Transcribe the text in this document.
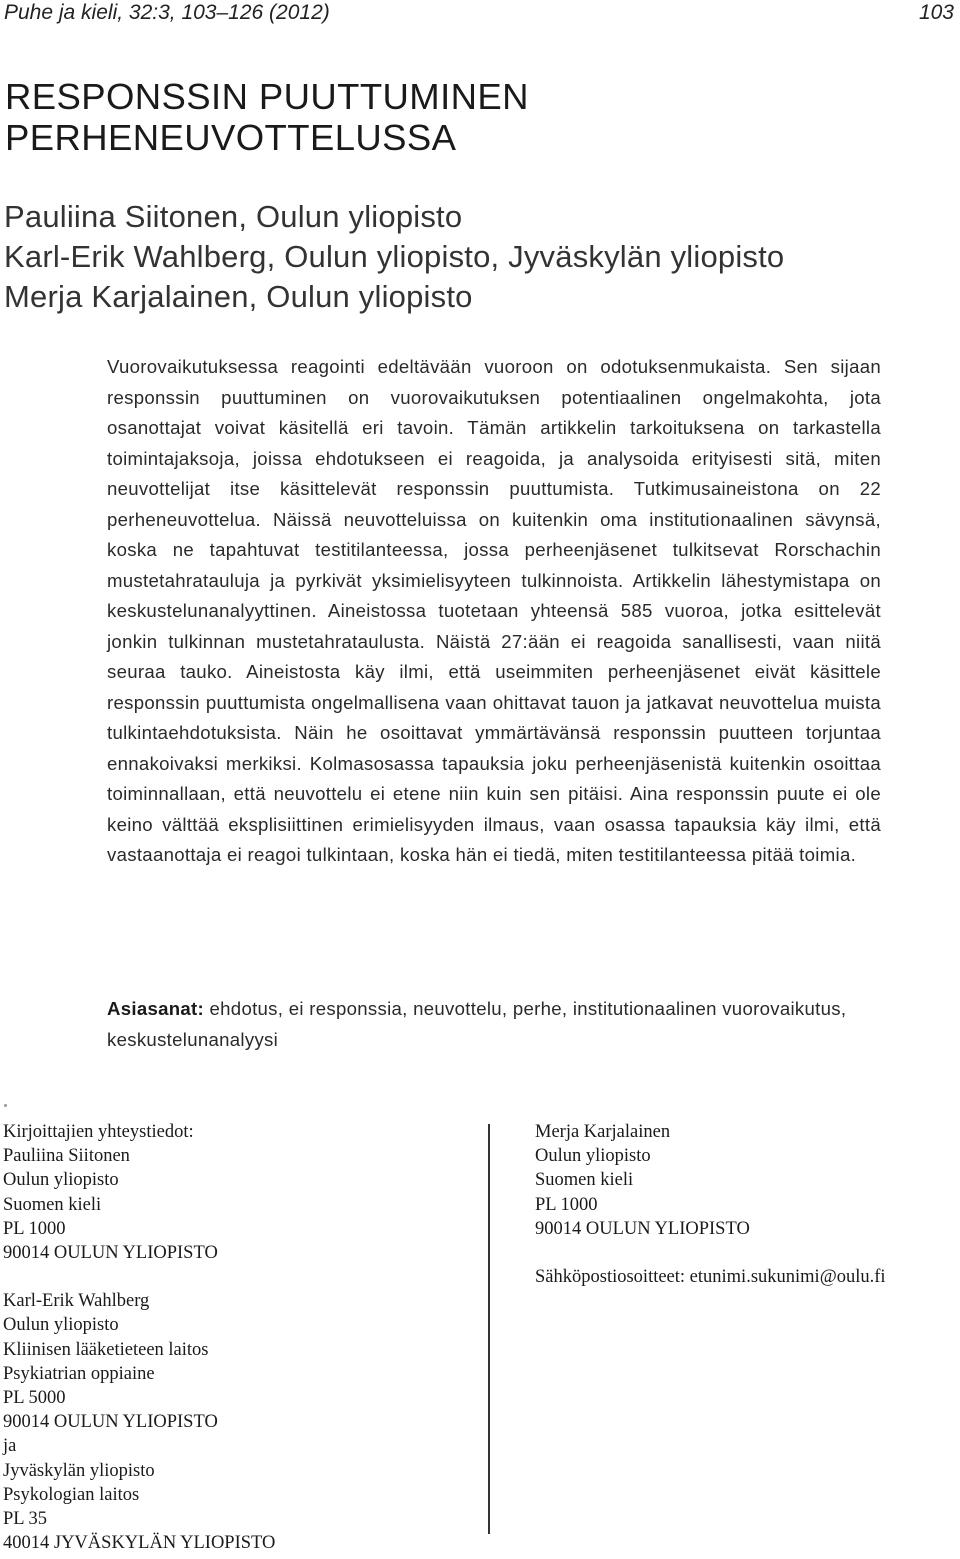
Puhe ja kieli, 32:3, 103–126 (2012)	103
RESPONSSIN PUUTTUMINEN
PERHENEUVOTTELUSSA
Pauliina Siitonen, Oulun yliopisto
Karl-Erik Wahlberg, Oulun yliopisto, Jyväskylän yliopisto
Merja Karjalainen, Oulun yliopisto

Vuorovaikutuksessa reagointi edeltävään vuoroon on odotuksenmukaista. Sen sijaan responssin puuttuminen on vuorovaikutuksen potentiaalinen ongelmakohta, jota osanottajat voivat käsitellä eri tavoin. Tämän artikkelin tarkoituksena on tarkastella toimintajaksoja, joissa ehdotukseen ei reagoida, ja analysoida erityisesti sitä, miten neuvottelijat itse käsittelevät responssin puuttumista. Tutkimusaineistona on 22 perheneuvottelua. Näissä neuvotteluissa on kuitenkin oma institutionaalinen sävynsä, koska ne tapahtuvat testitilanteessa, jossa perheenjäsenet tulkitsevat Rorschachin mustetahratauluja ja pyrkivät yksimielisyyteen tulkinnoista. Artikkelin lähestymistapa on keskustelunanalyyttinen. Aineistossa tuotetaan yhteensä 585 vuoroa, jotka esittelevät jonkin tulkinnan mustetahrataulusta. Näistä 27:ään ei reagoida sanallisesti, vaan niitä seuraa tauko. Aineistosta käy ilmi, että useimmiten perheenjäsenet eivät käsittele responssin puuttumista ongelmallisena vaan ohittavat tauon ja jatkavat neuvottelua muista tulkintaehdotuksista. Näin he osoittavat ymmärtävänsä responssin puutteen torjuntaa ennakoivaksi merkiksi. Kolmasosassa tapauksia joku perheenjäsenistä kuitenkin osoittaa toiminnallaan, että neuvottelu ei etene niin kuin sen pitäisi. Aina responssin puute ei ole keino välttää eksplisiittinen erimielisyyden ilmaus, vaan osassa tapauksia käy ilmi, että vastaanottaja ei reagoi tulkintaan, koska hän ei tiedä, miten testitilanteessa pitää toimia.

Asiasanat: ehdotus, ei responssia, neuvottelu, perhe, institutionaalinen vuorovaikutus, keskustelunanalyysi

Kirjoittajien yhteystiedot:
Pauliina Siitonen
Oulun yliopisto
Suomen kieli
PL 1000
90014 OULUN YLIOPISTO
Karl-Erik Wahlberg
Oulun yliopisto
Kliinisen lääketieteen laitos
Psykiatrian oppiaine
PL 5000
90014 OULUN YLIOPISTO
ja
Jyväskylän yliopisto
Psykologian laitos
PL 35
40014 JYVÄSKYLÄN YLIOPISTO
Merja Karjalainen
Oulun yliopisto
Suomen kieli
PL 1000
90014 OULUN YLIOPISTO
Sähköpostiosoitteet: etunimi.sukunimi@oulu.fi
